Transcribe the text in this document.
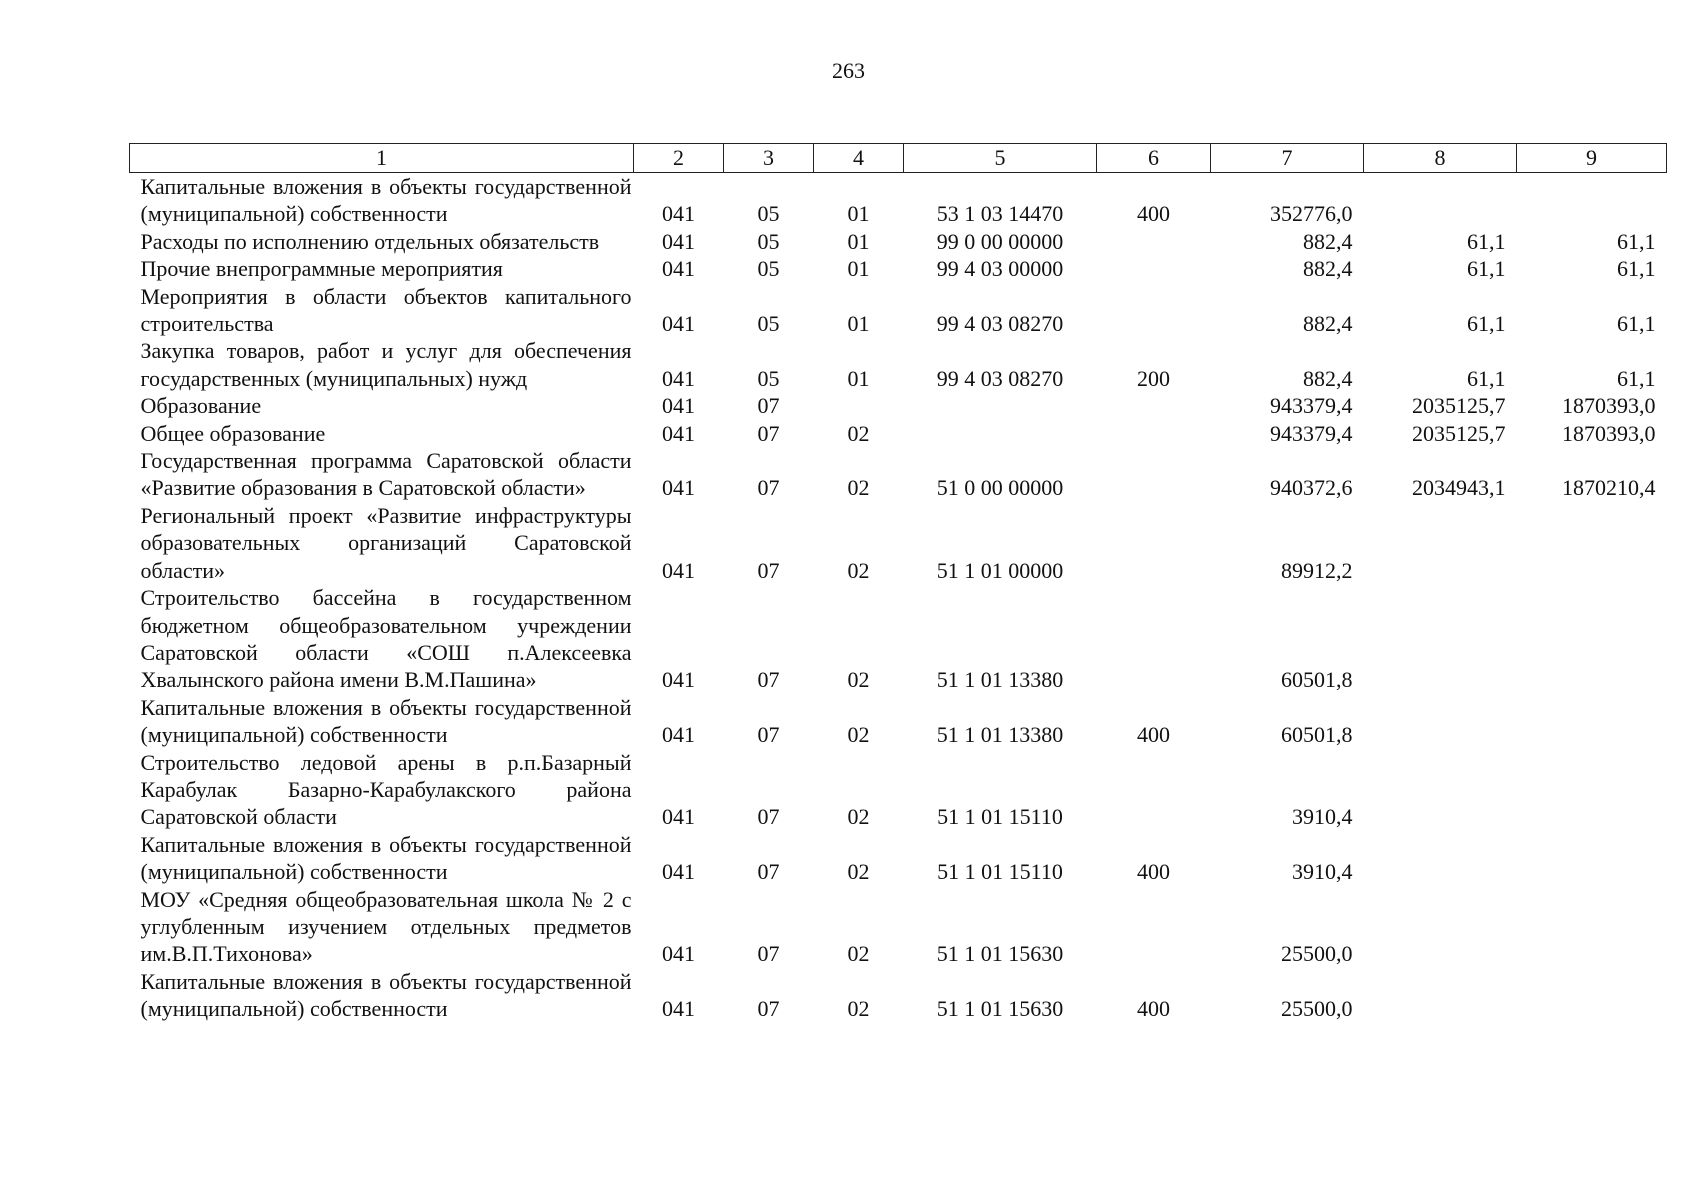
263
1	2	3	4	5	6	7	8	9
Капитальные вложения в объекты государственной (муниципальной) собственности	041	05	01	53 1 03 14470	400	352776,0		
Расходы по исполнению отдельных обязательств	041	05	01	99 0 00 00000		882,4	61,1	61,1
Прочие внепрограммные мероприятия	041	05	01	99 4 03 00000		882,4	61,1	61,1
Мероприятия в области объектов капитального строительства	041	05	01	99 4 03 08270		882,4	61,1	61,1
Закупка товаров, работ и услуг для обеспечения государственных (муниципальных) нужд	041	05	01	99 4 03 08270	200	882,4	61,1	61,1
Образование	041	07				943379,4	2035125,7	1870393,0
Общее образование	041	07	02			943379,4	2035125,7	1870393,0
Государственная программа Саратовской области «Развитие образования в Саратовской области»	041	07	02	51 0 00 00000		940372,6	2034943,1	1870210,4
Региональный проект «Развитие инфраструктуры образовательных организаций Саратовской области»	041	07	02	51 1 01 00000		89912,2		
Строительство бассейна в государственном бюджетном общеобразовательном учреждении Саратовской области «СОШ п.Алексеевка Хвалынского района имени В.М.Пашина»	041	07	02	51 1 01 13380		60501,8		
Капитальные вложения в объекты государственной (муниципальной) собственности	041	07	02	51 1 01 13380	400	60501,8		
Строительство ледовой арены в р.п.Базарный Карабулак Базарно-Карабулакского района Саратовской области	041	07	02	51 1 01 15110		3910,4		
Капитальные вложения в объекты государственной (муниципальной) собственности	041	07	02	51 1 01 15110	400	3910,4		
МОУ «Средняя общеобразовательная школа № 2 с углубленным изучением отдельных предметов им.В.П.Тихонова»	041	07	02	51 1 01 15630		25500,0		
Капитальные вложения в объекты государственной (муниципальной) собственности	041	07	02	51 1 01 15630	400	25500,0		
